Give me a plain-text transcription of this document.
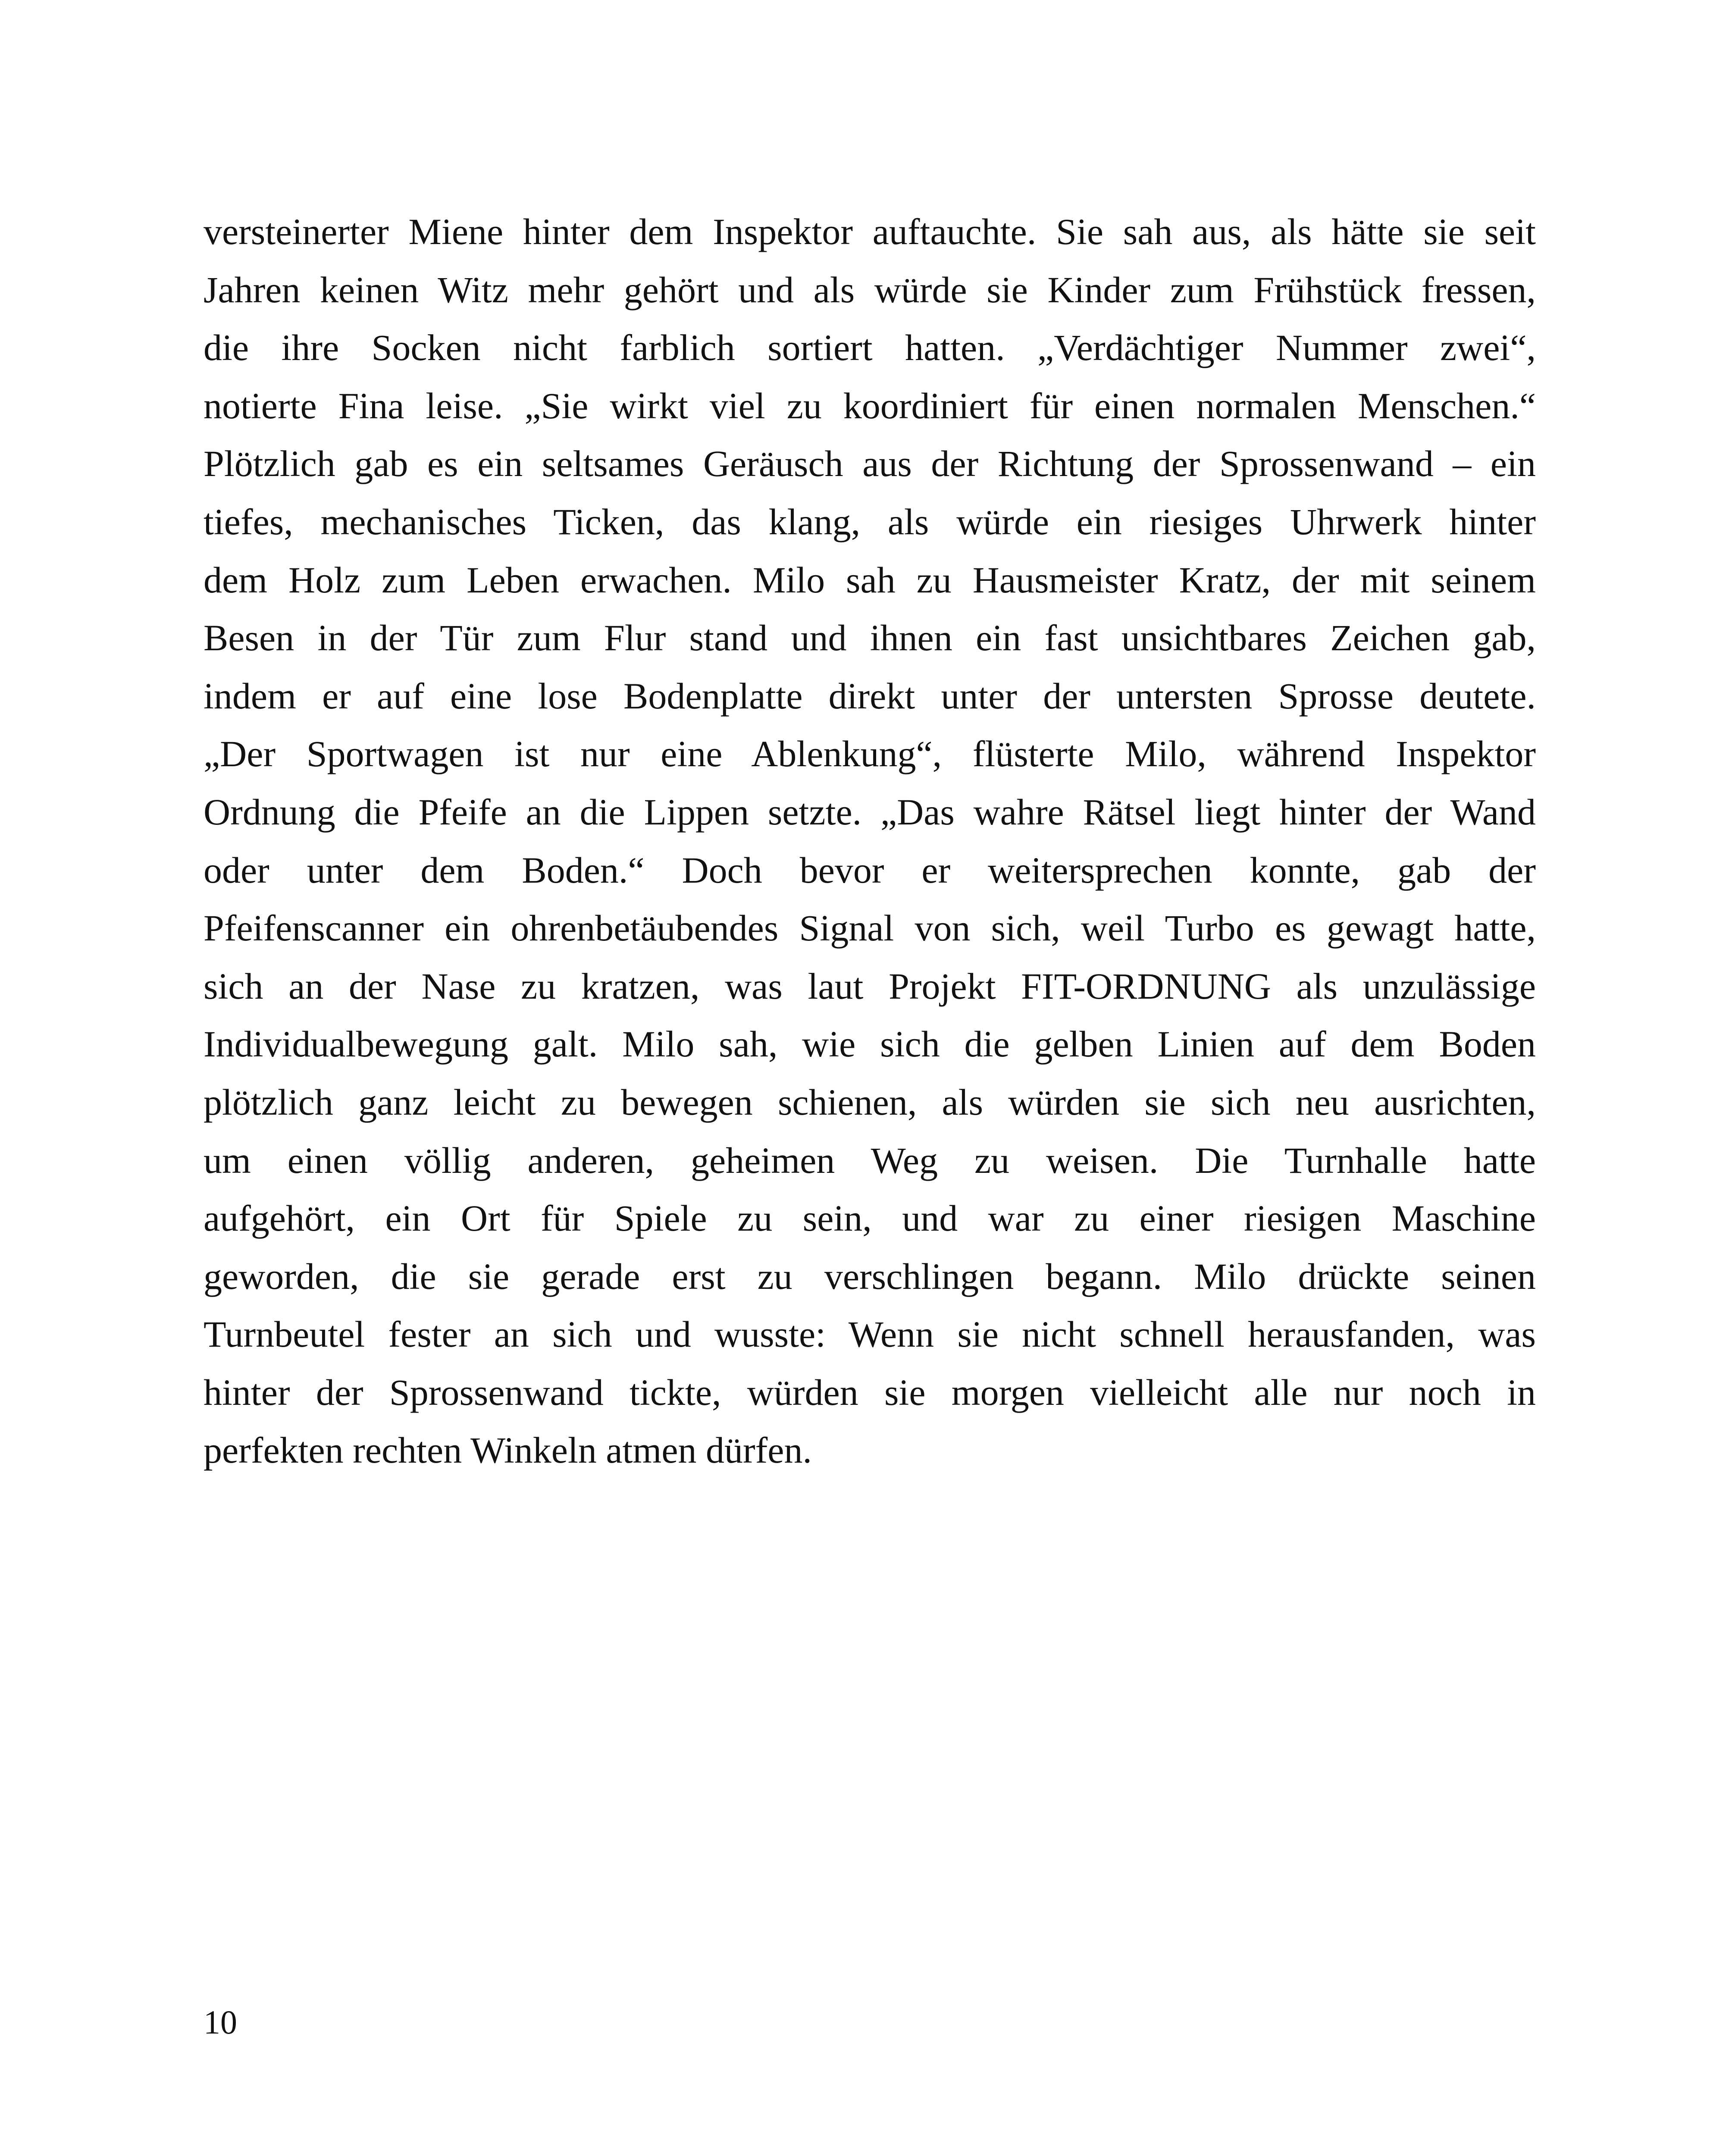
versteinerter Miene hinter dem Inspektor auftauchte. Sie sah aus, als hätte sie seit
Jahren keinen Witz mehr gehört und als würde sie Kinder zum Frühstück fressen,
die ihre Socken nicht farblich sortiert hatten. „Verdächtiger Nummer zwei“,
notierte Fina leise. „Sie wirkt viel zu koordiniert für einen normalen Menschen.“
Plötzlich gab es ein seltsames Geräusch aus der Richtung der Sprossenwand – ein
tiefes, mechanisches Ticken, das klang, als würde ein riesiges Uhrwerk hinter
dem Holz zum Leben erwachen. Milo sah zu Hausmeister Kratz, der mit seinem
Besen in der Tür zum Flur stand und ihnen ein fast unsichtbares Zeichen gab,
indem er auf eine lose Bodenplatte direkt unter der untersten Sprosse deutete.
„Der Sportwagen ist nur eine Ablenkung“, flüsterte Milo, während Inspektor
Ordnung die Pfeife an die Lippen setzte. „Das wahre Rätsel liegt hinter der Wand
oder unter dem Boden.“ Doch bevor er weitersprechen konnte, gab der
Pfeifenscanner ein ohrenbetäubendes Signal von sich, weil Turbo es gewagt hatte,
sich an der Nase zu kratzen, was laut Projekt FIT-ORDNUNG als unzulässige
Individualbewegung galt. Milo sah, wie sich die gelben Linien auf dem Boden
plötzlich ganz leicht zu bewegen schienen, als würden sie sich neu ausrichten,
um einen völlig anderen, geheimen Weg zu weisen. Die Turnhalle hatte
aufgehört, ein Ort für Spiele zu sein, und war zu einer riesigen Maschine
geworden, die sie gerade erst zu verschlingen begann. Milo drückte seinen
Turnbeutel fester an sich und wusste: Wenn sie nicht schnell herausfanden, was
hinter der Sprossenwand tickte, würden sie morgen vielleicht alle nur noch in
perfekten rechten Winkeln atmen dürfen.
10
